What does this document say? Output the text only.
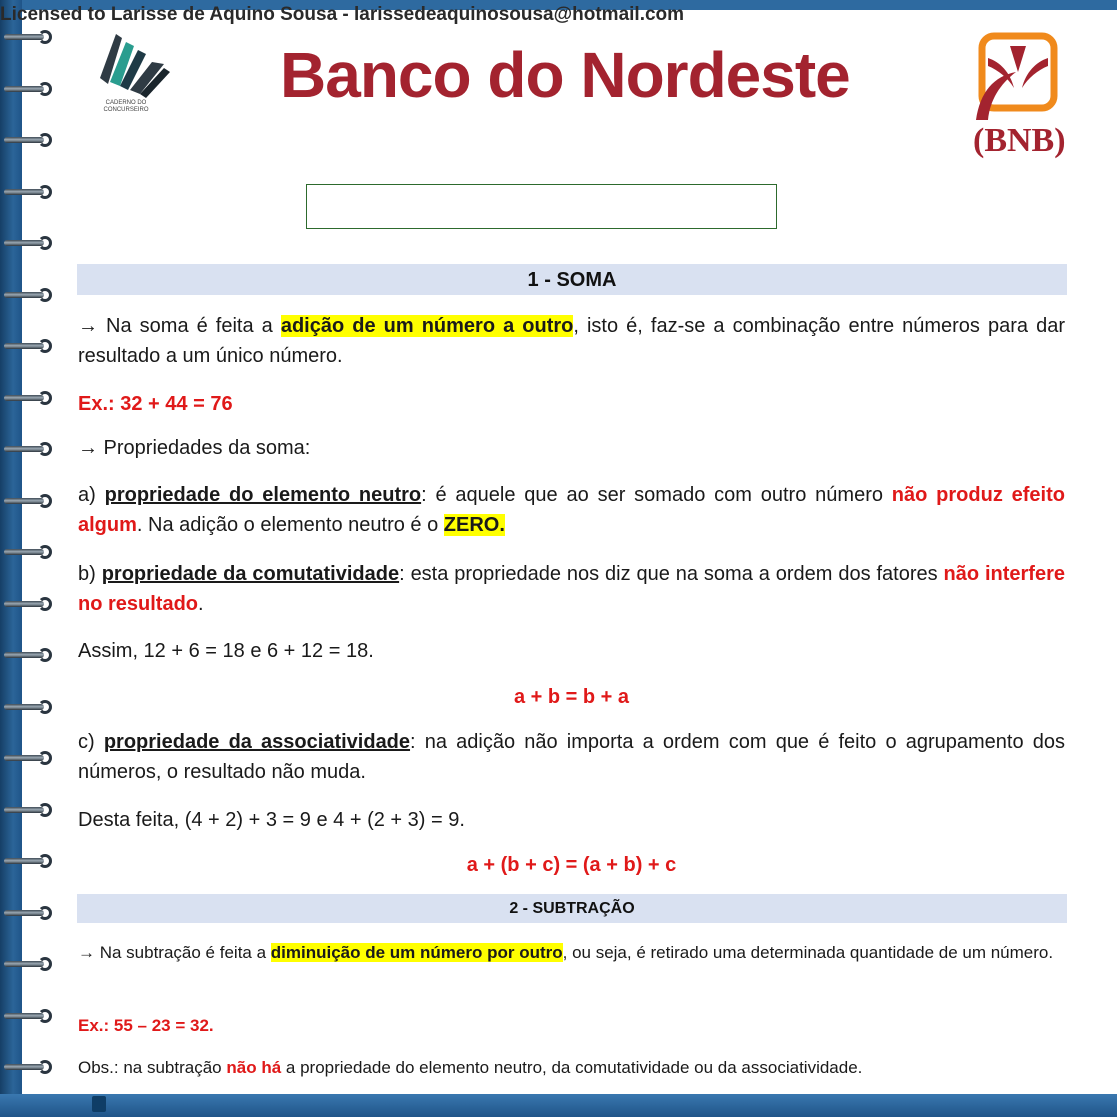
Licensed to Larisse de Aquino Sousa - larissedeaquinosousa@hotmail.com
CADERNO DO CONCURSEIRO Banco do Nordeste
(BNB)
1 - SOMA
→ Na soma é feita a adição de um número a outro, isto é, faz-se a combinação entre números para dar resultado a um único número.
Ex.: 32 + 44 = 76
→ Propriedades da soma:
a) propriedade do elemento neutro: é aquele que ao ser somado com outro número não produz efeito algum. Na adição o elemento neutro é o ZERO.
b) propriedade da comutatividade: esta propriedade nos diz que na soma a ordem dos fatores não interfere no resultado.
Assim, 12 + 6 = 18 e 6 + 12 = 18.
a + b = b + a
c) propriedade da associatividade: na adição não importa a ordem com que é feito o agrupamento dos números, o resultado não muda.
Desta feita, (4 + 2) + 3 = 9 e 4 + (2 + 3) = 9.
a + (b + c) = (a + b) + c
2 - SUBTRAÇÃO
→ Na subtração é feita a diminuição de um número por outro, ou seja, é retirado uma determinada quantidade de um número.
Ex.: 55 – 23 = 32.
Obs.: na subtração não há a propriedade do elemento neutro, da comutatividade ou da associatividade.
